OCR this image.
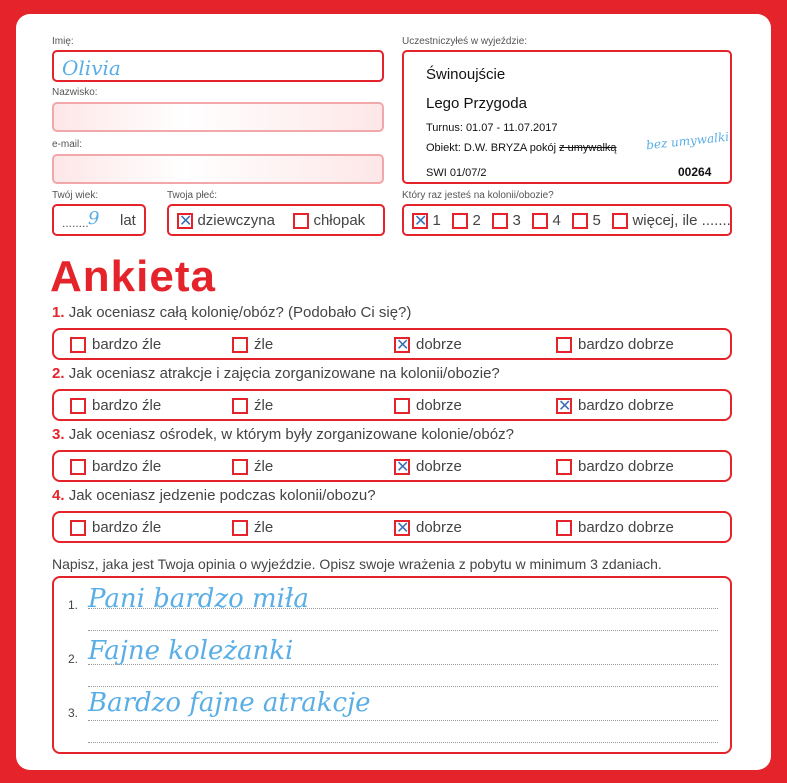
Imię:
Olivia
Nazwisko:
e-mail:
Twój wiek:
........ 9 lat
Twoja płeć:
✕ dziewczyna	chłopak
Uczestniczyłeś w wyjeździe:
Świnoujście
Lego Przygoda
Turnus: 01.07 - 11.07.2017
Obiekt: D.W. BRYZA pokój z umywalką
SWI 01/07/2	00264
bez umywalki
Który raz jesteś na kolonii/obozie?
✕ 1	2	3	4	5	więcej, ile .......
Ankieta
1. Jak oceniasz całą kolonię/obóz? (Podobało Ci się?)
bardzo źle	źle ✕	dobrze	bardzo dobrze
2. Jak oceniasz atrakcje i zajęcia zorganizowane na kolonii/obozie?
bardzo źle	źle	dobrze ✕	bardzo dobrze
3. Jak oceniasz ośrodek, w którym były zorganizowane kolonie/obóz?
bardzo źle	źle ✕	dobrze	bardzo dobrze
4. Jak oceniasz jedzenie podczas kolonii/obozu?
bardzo źle	źle ✕	dobrze	bardzo dobrze
Napisz, jaka jest Twoja opinia o wyjeździe. Opisz swoje wrażenia z pobytu w minimum 3 zdaniach.
1. Pani bardzo miła
2. Fajne koleżanki
3. Bardzo fajne atrakcje
